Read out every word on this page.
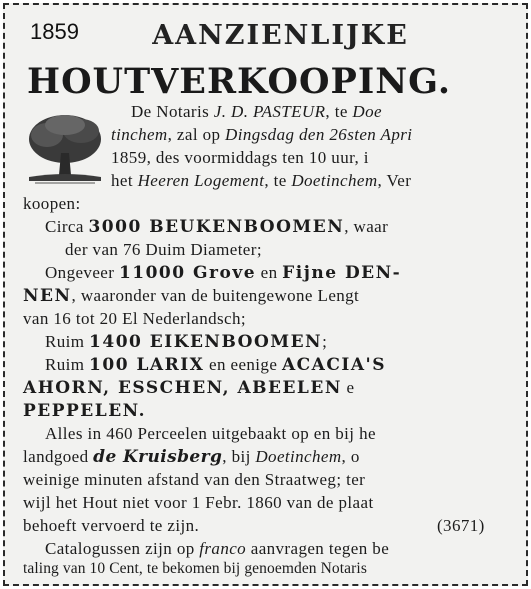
1859	AANZIENLIJKE
HOUTVERKOOPING.
De Notaris J. D. PASTEUR, te Doe
tinchem, zal op Dingsdag den 26sten Apri
1859, des voormiddags ten 10 uur, i
het Heeren Logement, te Doetinchem, Ver
koopen:
Circa 3000 BEUKENBOOMEN, waar
der van 76 Duim Diameter;
Ongeveer 11000 Grove en Fijne DEN-
NEN, waaronder van de buitengewone Lengt
van 16 tot 20 El Nederlandsch;
Ruim 1400 EIKENBOOMEN;
Ruim 100 LARIX en eenige ACACIA'S
AHORN, ESSCHEN, ABEELEN e
PEPPELEN.
Alles in 460 Perceelen uitgebaakt op en bij he
landgoed de Kruisberg, bij Doetinchem, o
weinige minuten afstand van den Straatweg; ter
wijl het Hout niet voor 1 Febr. 1860 van de plaat
behoeft vervoerd te zijn.	(3671)
Catalogussen zijn op franco aanvragen tegen be
taling van 10 Cent, te bekomen bij genoemden Notaris
